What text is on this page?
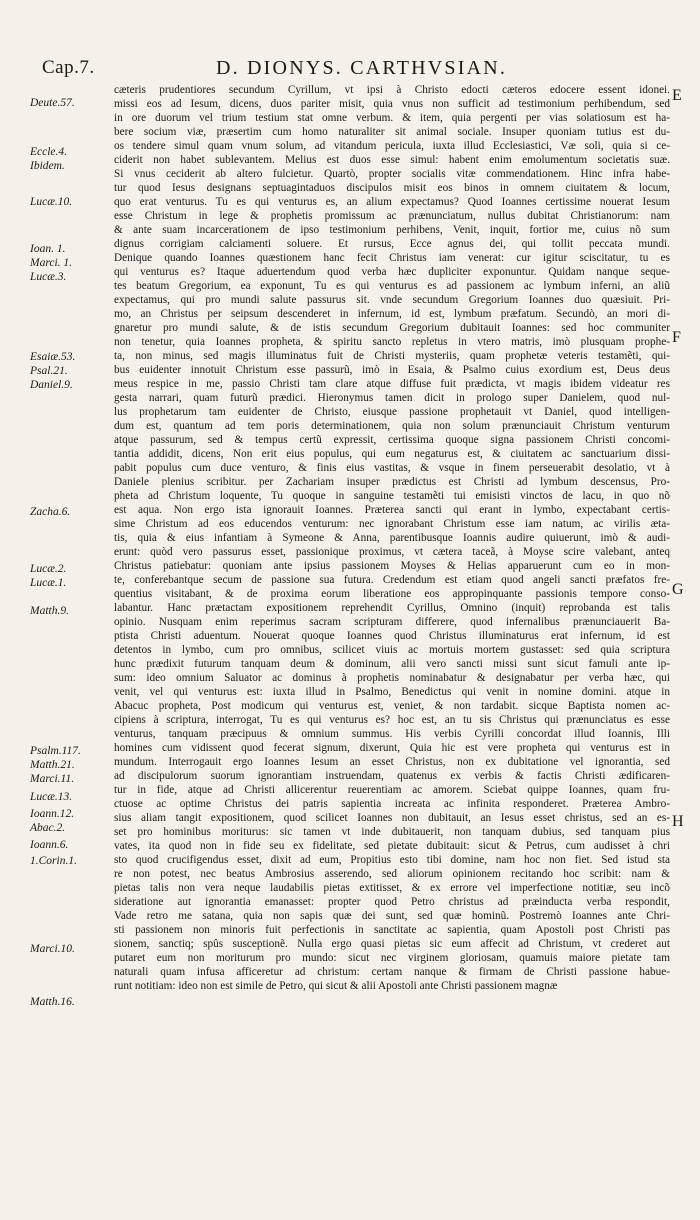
Cap.7.	D. DIONYS. CARTHVSIAN.
E
F
G
H
Deute.57.
Eccle.4.
Ibidem.
Lucæ.10.
Ioan. 1.
Marci. 1.
Lucæ.3.
Esaiæ.53.
Psal.21.
Daniel.9.
Zacha.6.
Lucæ.2.
Lucæ.1.
Matth.9.
Psalm.117.
Matth.21.
Marci.11.
Lucæ.13.
Ioann.12.
Abac.2.
Ioann.6.
1.Corin.1.
Marci.10.
Matth.16.
cæteris prudentiores secundum Cyrillum, vt ipsi à Christo edocti cæteros edocere essent idonei.
missi eos ad Iesum, dicens, duos pariter misit, quia vnus non sufficit ad testimonium perhibendum, sed
in ore duorum vel trium testium stat omne verbum. & item, quia pergenti per vias solatiosum est ha-
bere socium viæ, præsertim cum homo naturaliter sit animal sociale. Insuper quoniam tutius est du-
os tendere simul quam vnum solum, ad vitandum pericula, iuxta illud Ecclesiastici, Væ soli, quia si ce-
ciderit non habet sublevantem. Melius est duos esse simul: habent enim emolumentum societatis suæ.
Si vnus ceciderit ab altero fulcietur. Quartò, propter socialis vitæ commendationem. Hinc infra habe-
tur quod Iesus designans septuagintaduos discipulos misit eos binos in omnem ciuitatem & locum,
quo erat venturus. Tu es qui venturus es, an alium expectamus? Quod Ioannes certissime nouerat Iesum
esse Christum in lege & prophetis promissum ac prænunciatum, nullus dubitat Christianorum: nam
& ante suam incarcerationem de ipso testimonium perhibens, Venit, inquit, fortior me, cuius nõ sum
dignus corrigiam calciamenti soluere. Et rursus, Ecce agnus dei, qui tollit peccata mundi.
Denique quando Ioannes quæstionem hanc fecit Christus iam venerat: cur igitur sciscitatur, tu es
qui venturus es? Itaque aduertendum quod verba hæc dupliciter exponuntur. Quidam nanque seque-
tes beatum Gregorium, ea exponunt, Tu es qui venturus es ad passionem ac lymbum inferni, an aliũ
expectamus, qui pro mundi salute passurus sit. vnde secundum Gregorium Ioannes duo quæsiuit. Pri-
mo, an Christus per seipsum descenderet in infernum, id est, lymbum præfatum. Secundò, an mori di-
gnaretur pro mundi salute, & de istis secundum Gregorium dubitauit Ioannes: sed hoc communiter
non tenetur, quia Ioannes propheta, & spiritu sancto repletus in vtero matris, imò plusquam prophe-
ta, non minus, sed magis illuminatus fuit de Christi mysteriis, quam prophetæ veteris testamẽti, qui-
bus euidenter innotuit Christum esse passurũ, imò in Esaia, & Psalmo cuius exordium est, Deus deus
meus respice in me, passio Christi tam clare atque diffuse fuit prædicta, vt magis ibidem videatur res
gesta narrari, quam futurũ prædici. Hieronymus tamen dicit in prologo super Danielem, quod nul-
lus prophetarum tam euidenter de Christo, eiusque passione prophetauit vt Daniel, quod intelligen-
dum est, quantum ad tem poris determinationem, quia non solum prænunciauit Christum venturum
atque passurum, sed & tempus certũ expressit, certissima quoque signa passionem Christi concomi-
tantia addidit, dicens, Non erit eius populus, qui eum negaturus est, & ciuitatem ac sanctuarium dissi-
pabit populus cum duce venturo, & finis eius vastitas, & vsque in finem perseuerabit desolatio, vt à
Daniele plenius scribitur. per Zachariam insuper prædictus est Christi ad lymbum descensus, Pro-
pheta ad Christum loquente, Tu quoque in sanguine testamẽti tui emisisti vinctos de lacu, in quo nõ
est aqua. Non ergo ista ignorauit Ioannes. Præterea sancti qui erant in lymbo, expectabant certis-
sime Christum ad eos educendos venturum: nec ignorabant Christum esse iam natum, ac virilis æta-
tis, quia & eius infantiam à Symeone & Anna, parentibusque Ioannis audire quiuerunt, imò & audi-
erunt: quòd vero passurus esset, passionique proximus, vt cætera taceã, à Moyse scire valebant, anteq
Christus patiebatur: quoniam ante ipsius passionem Moyses & Helias apparuerunt cum eo in mon-
te, conferebantque secum de passione sua futura. Credendum est etiam quod angeli sancti præfatos fre-
quentius visitabant, & de proxima eorum liberatione eos appropinquante passionis tempore conso-
labantur. Hanc prætactam expositionem reprehendit Cyrillus, Omnino (inquit) reprobanda est talis
opinio. Nusquam enim reperimus sacram scripturam differere, quod infernalibus prænunciauerit Ba-
ptista Christi aduentum. Nouerat quoque Ioannes quod Christus illuminaturus erat infernum, id est
detentos in lymbo, cum pro omnibus, scilicet viuis ac mortuis mortem gustasset: sed quia scriptura
hunc prædixit futurum tanquam deum & dominum, alii vero sancti missi sunt sicut famuli ante ip-
sum: ideo omnium Saluator ac dominus à prophetis nominabatur & designabatur per verba hæc, qui
venit, vel qui venturus est: iuxta illud in Psalmo, Benedictus qui venit in nomine domini. atque in
Abacuc propheta, Post modicum qui venturus est, veniet, & non tardabit. sicque Baptista nomen ac-
cipiens à scriptura, interrogat, Tu es qui venturus es? hoc est, an tu sis Christus qui prænunciatus es esse
venturus, tanquam præcipuus & omnium summus. His verbis Cyrilli concordat illud Ioannis, Illi
homines cum vidissent quod fecerat signum, dixerunt, Quia hic est vere propheta qui venturus est in
mundum. Interrogauit ergo Ioannes Iesum an esset Christus, non ex dubitatione vel ignorantia, sed
ad discipulorum suorum ignorantiam instruendam, quatenus ex verbis & factis Christi ædificaren-
tur in fide, atque ad Christi allicerentur reuerentiam ac amorem. Sciebat quippe Ioannes, quam fru-
ctuose ac optime Christus dei patris sapientia increata ac infinita responderet. Præterea Ambro-
sius aliam tangit expositionem, quod scilicet Ioannes non dubitauit, an Iesus esset christus, sed an es-
set pro hominibus moriturus: sic tamen vt inde dubitauerit, non tanquam dubius, sed tanquam pius
vates, ita quod non in fide seu ex fidelitate, sed pietate dubitauit: sicut & Petrus, cum audisset à chri
sto quod crucifigendus esset, dixit ad eum, Propitius esto tibi domine, nam hoc non fiet. Sed istud sta
re non potest, nec beatus Ambrosius asserendo, sed aliorum opinionem recitando hoc scribit: nam &
pietas talis non vera neque laudabilis pietas extitisset, & ex errore vel imperfectione notitiæ, seu incõ
sideratione aut ignorantia emanasset: propter quod Petro christus ad præinducta verba respondit,
Vade retro me satana, quia non sapis quæ dei sunt, sed quæ hominũ. Postremò Ioannes ante Chri-
sti passionem non minoris fuit perfectionis in sanctitate ac sapientia, quam Apostoli post Christi pas
sionem, sanctiq; spûs susceptionẽ. Nulla ergo quasi pietas sic eum affecit ad Christum, vt crederet aut
putaret eum non moriturum pro mundo: sicut nec virginem gloriosam, quamuis maiore pietate tam
naturali quam infusa afficeretur ad christum: certam nanque & firmam de Christi passione habue-
runt notitiam: ideo non est simile de Petro, qui sicut & alii Apostoli ante Christi passionem magnæ
